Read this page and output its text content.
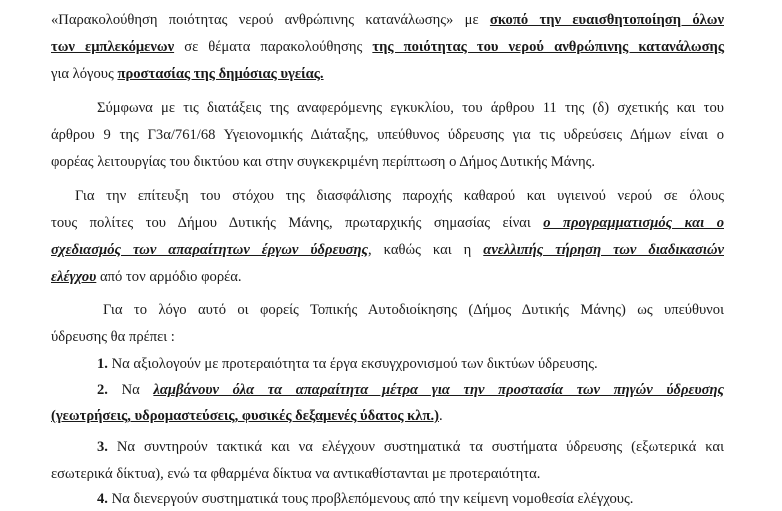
«Παρακολούθηση ποιότητας νερού ανθρώπινης κατανάλωσης» με σκοπό την ευαισθητοποίηση όλων
των εμπλεκόμενων σε θέματα παρακολούθησης της ποιότητας του νερού ανθρώπινης κατανάλωσης
για λόγους προστασίας της δημόσιας υγείας.
Σύμφωνα με τις διατάξεις της αναφερόμενης εγκυκλίου, του άρθρου 11 της (δ) σχετικής και του
άρθρου 9 της Γ3α/761/68 Υγειονομικής Διάταξης, υπεύθυνος ύδρευσης για τις υδρεύσεις Δήμων είναι ο
φορέας λειτουργίας του δικτύου και στην συγκεκριμένη περίπτωση ο Δήμος Δυτικής Μάνης.
Για την επίτευξη του στόχου της διασφάλισης παροχής καθαρού και υγιεινού νερού σε όλους
τους πολίτες του Δήμου Δυτικής Μάνης, πρωταρχικής σημασίας είναι ο προγραμματισμός και ο
σχεδιασμός των απαραίτητων έργων ύδρευσης, καθώς και η ανελλιπής τήρηση των διαδικασιών
ελέγχου από τον αρμόδιο φορέα.
Για το λόγο αυτό οι φορείς Τοπικής Αυτοδιοίκησης (Δήμος Δυτικής Μάνης) ως υπεύθυνοι
ύδρευσης θα πρέπει :
1. Να αξιολογούν με προτεραιότητα τα έργα εκσυγχρονισμού των δικτύων ύδρευσης.
2. Να λαμβάνουν όλα τα απαραίτητα μέτρα για την προστασία των πηγών ύδρευσης
(γεωτρήσεις, υδρομαστεύσεις, φυσικές δεξαμενές ύδατος κλπ.).
3. Να συντηρούν τακτικά και να ελέγχουν συστηματικά τα συστήματα ύδρευσης (εξωτερικά και
εσωτερικά δίκτυα), ενώ τα φθαρμένα δίκτυα να αντικαθίστανται με προτεραιότητα.
4. Να διενεργούν συστηματικά τους προβλεπόμενους από την κείμενη νομοθεσία ελέγχους.
